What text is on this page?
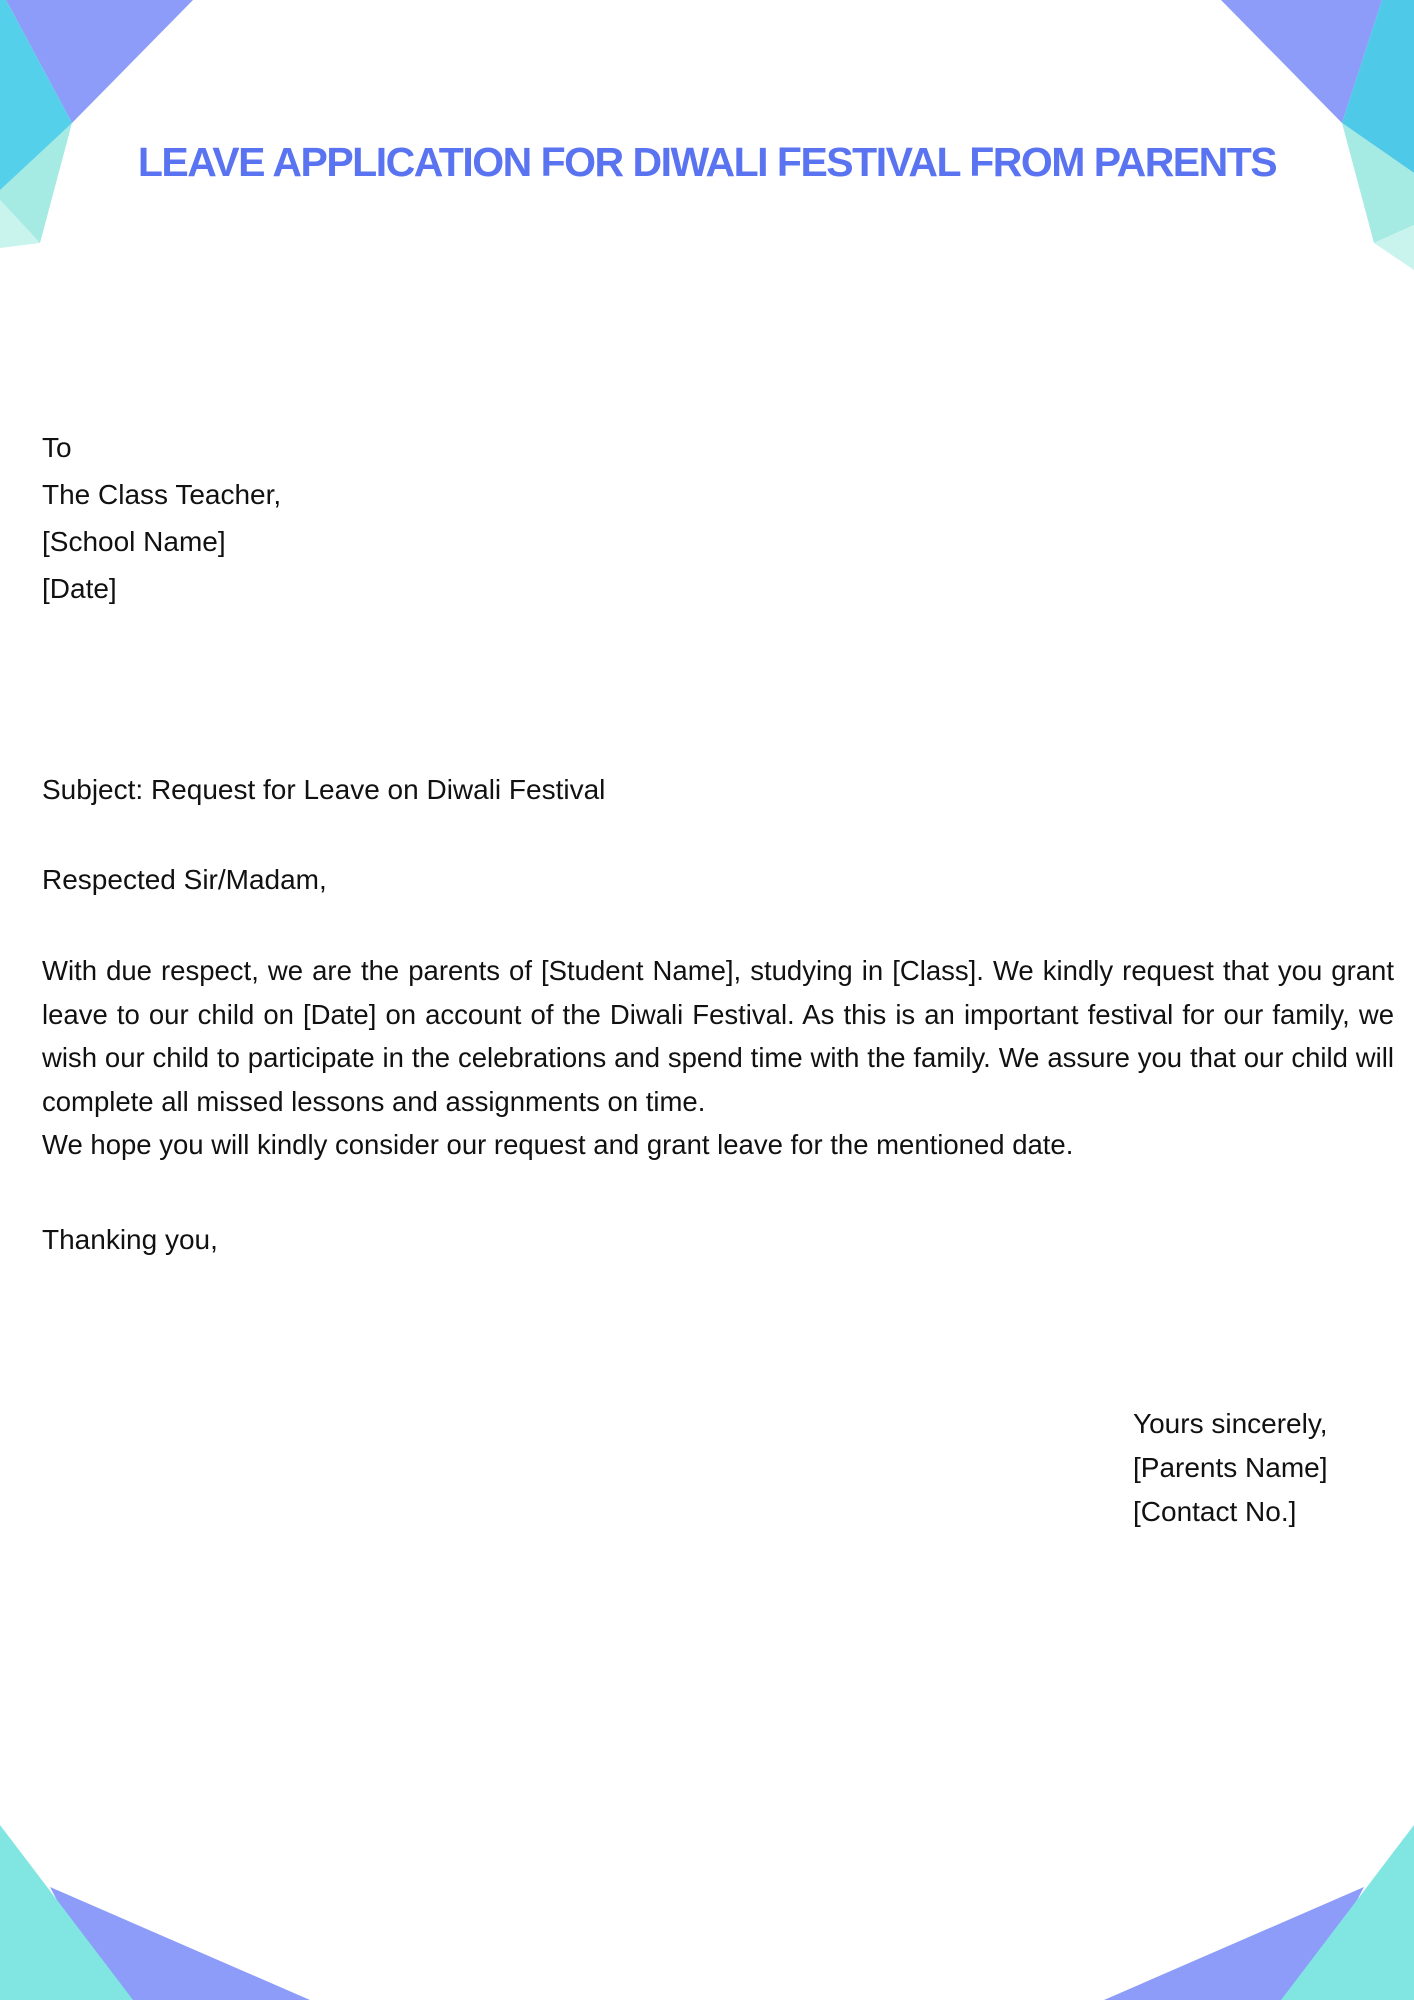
LEAVE APPLICATION FOR DIWALI FESTIVAL FROM PARENTS
To
The Class Teacher,
[School Name]
[Date]
Subject: Request for Leave on Diwali Festival
Respected Sir/Madam,

With due respect, we are the parents of [Student Name], studying in [Class]. We kindly request that you grant leave to our child on [Date] on account of the Diwali Festival. As this is an important festival for our family, we wish our child to participate in the celebrations and spend time with the family. We assure you that our child will complete all missed lessons and assignments on time.

We hope you will kindly consider our request and grant leave for the mentioned date.

Thanking you,
Yours sincerely,
[Parents Name]
[Contact No.]
